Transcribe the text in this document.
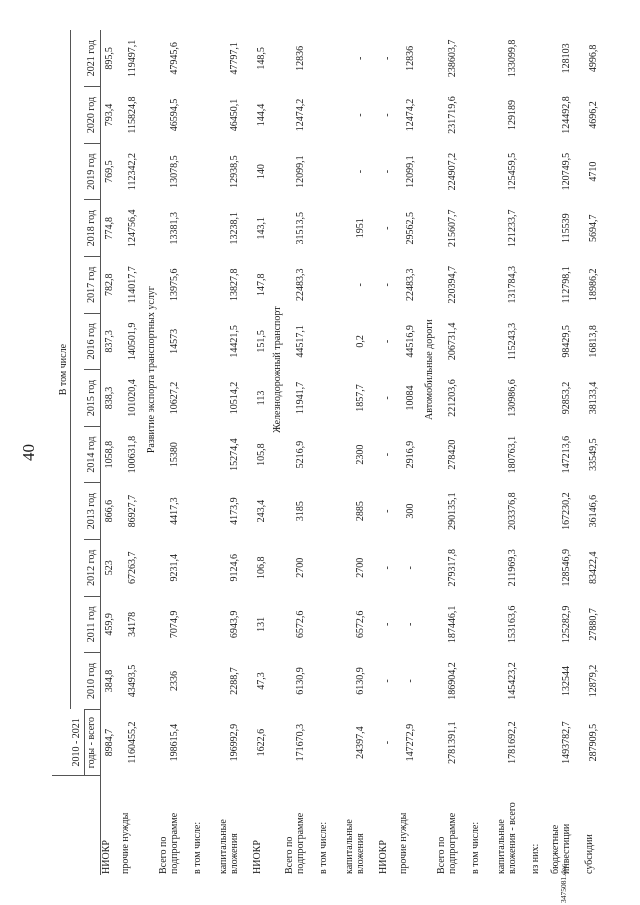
40
		В том числе											
	2010 - 2021												
	годы - всего	2010 год	2011 год	2012 год	2013 год	2014 год	2015 год	2016 год	2017 год	2018 год	2019 год	2020 год	2021 год
НИОКР	8984,7	384,8	459,9	523	866,6	1058,8	838,3	837,3	782,8	774,8	769,5	793,4	895,5
прочие нужды	1160455,2	43493,5	34178	67263,7	86927,7	100631,8	101020,4	140501,9	114017,7	124756,4	112342,2	115824,8	119497,1
		Развитие экспорта транспортных услуг											
Всего по подпрограмме	198615,4	2336	7074,9	9231,4	4417,3	15380	10627,2	14573	13975,6	13381,3	13078,5	46594,5	47945,6
в том числе:													
капитальные вложения	196992,9	2288,7	6943,9	9124,6	4173,9	15274,4	10514,2	14421,5	13827,8	13238,1	12938,5	46450,1	47797,1
НИОКР	1622,6	47,3	131	106,8	243,4	105,8	113	151,5	147,8	143,1	140	144,4	148,5
		Железнодорожный транспорт											
Всего по подпрограмме	171670,3	6130,9	6572,6	2700	3185	5216,9	11941,7	44517,1	22483,3	31513,5	12099,1	12474,2	12836
в том числе:													
капитальные вложения	24397,4	6130,9	6572,6	2700	2885	2300	1857,7	0,2	-	1951	-	-	-
НИОКР	-	-	-	-	-	-	-	-	-	-	-	-	-
прочие нужды	147272,9	-	-	-	300	2916,9	10084	44516,9	22483,3	29562,5	12099,1	12474,2	12836
		Автомобильные дороги											
Всего по подпрограмме	2781391,1	186904,2	187446,1	279317,8	290135,1	278420	221203,6	206731,4	220394,7	215607,7	224907,2	231719,6	238603,7
в том числе:													
капитальные вложения - всего	1781692,2	145423,2	153163,6	211969,3	203376,8	180763,1	130986,6	115243,3	131784,3	121233,7	125459,5	129189	133099,8
из них:													
бюджетные инвестиции	1493782,7	132544	125282,9	128546,9	167230,2	147213,6	92853,2	98429,5	112798,1	115539	120749,5	124492,8	128103
субсидии	287909,5	12879,2	27880,7	83422,4	36146,6	33549,5	38133,4	16813,8	18986,2	5694,7	4710	4696,2	4996,8
3475081.doc
